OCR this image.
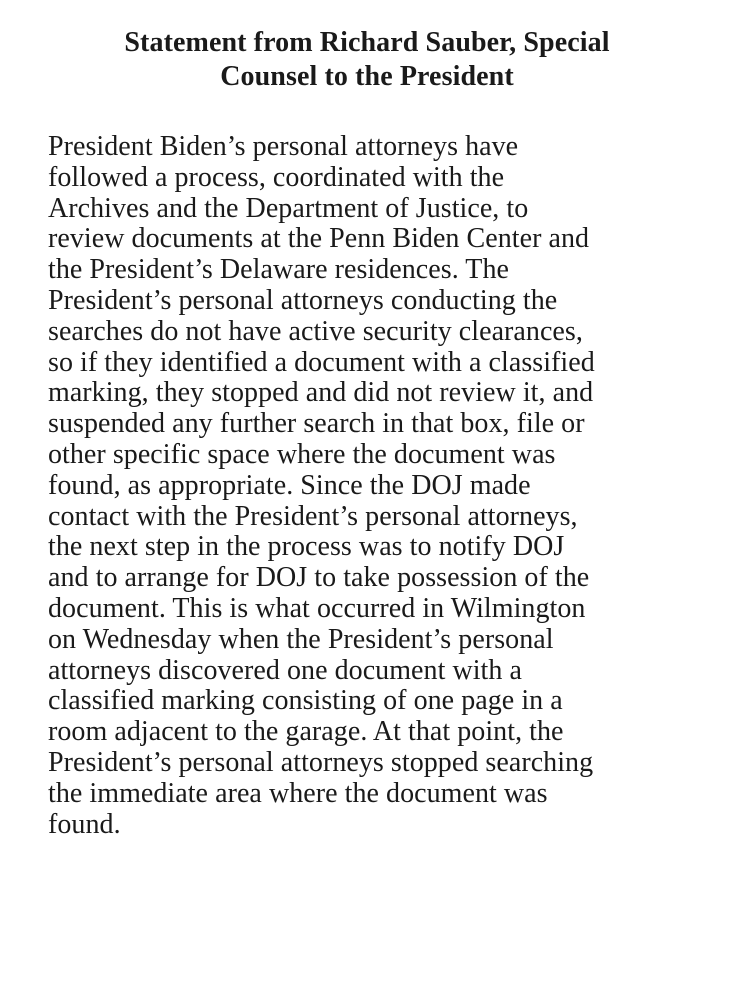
Statement from Richard Sauber, Special
Counsel to the President
President Biden’s personal attorneys have
followed a process, coordinated with the
Archives and the Department of Justice, to
review documents at the Penn Biden Center and
the President’s Delaware residences. The
President’s personal attorneys conducting the
searches do not have active security clearances,
so if they identified a document with a classified
marking, they stopped and did not review it, and
suspended any further search in that box, file or
other specific space where the document was
found, as appropriate. Since the DOJ made
contact with the President’s personal attorneys,
the next step in the process was to notify DOJ
and to arrange for DOJ to take possession of the
document. This is what occurred in Wilmington
on Wednesday when the President’s personal
attorneys discovered one document with a
classified marking consisting of one page in a
room adjacent to the garage. At that point, the
President’s personal attorneys stopped searching
the immediate area where the document was
found.
